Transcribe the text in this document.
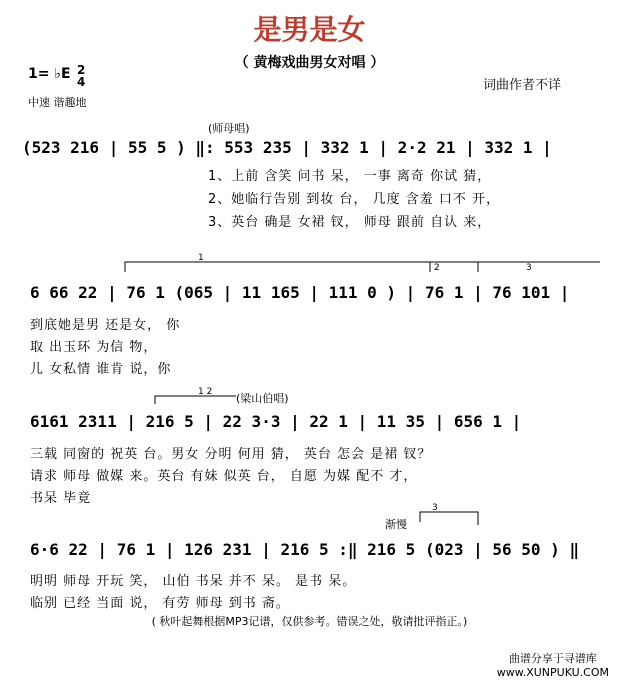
是男是女
（ 黄梅戏曲男女对唱 ）
1= ♭E 2
4
中速 谐趣地
词曲作者不详
(师母唱)
(523 216 | 55 5 ) ‖: 553 235 | 332 1 | 2·2 21 | 332 1 |
1、上前 含笑 问书 呆， 一事 离奇 你试 猜，
2、她临行告别 到妆 台， 几度 含羞 口不 开，
3、英台 确是 女裙 钗， 师母 跟前 自认 来，
6 66 22 | 76 1 (065 | 11 165 | 111 0 ) | 76 1 | 76 101 |
到底她是男 还是女， 你
取 出玉环 为信 物，
儿 女私情 谁肯 说，你
(梁山伯唱)
6161 2311 | 216 5 | 22 3·3 | 22 1 | 11 35 | 656 1 |
三载 同窗的 祝英 台。男女 分明 何用 猜， 英台 怎会 是裙 钗？
请求 师母 做媒 来。英台 有妹 似英 台， 自愿 为媒 配不 才，
书呆 毕竟
渐慢
6·6 22 | 76 1 | 126 231 | 216 5 :‖ 216 5 (023 | 56 50 ) ‖
明明 师母 开玩 笑， 山伯 书呆 并不 呆。 是书 呆。
临别 已经 当面 说， 有劳 师母 到书 斋。
( 秋叶起舞根据MP3记谱，仅供参考。错误之处，敬请批评指正。)
曲谱分享于寻谱库
www.XUNPUKU.COM
1
2	3
1 2
3
